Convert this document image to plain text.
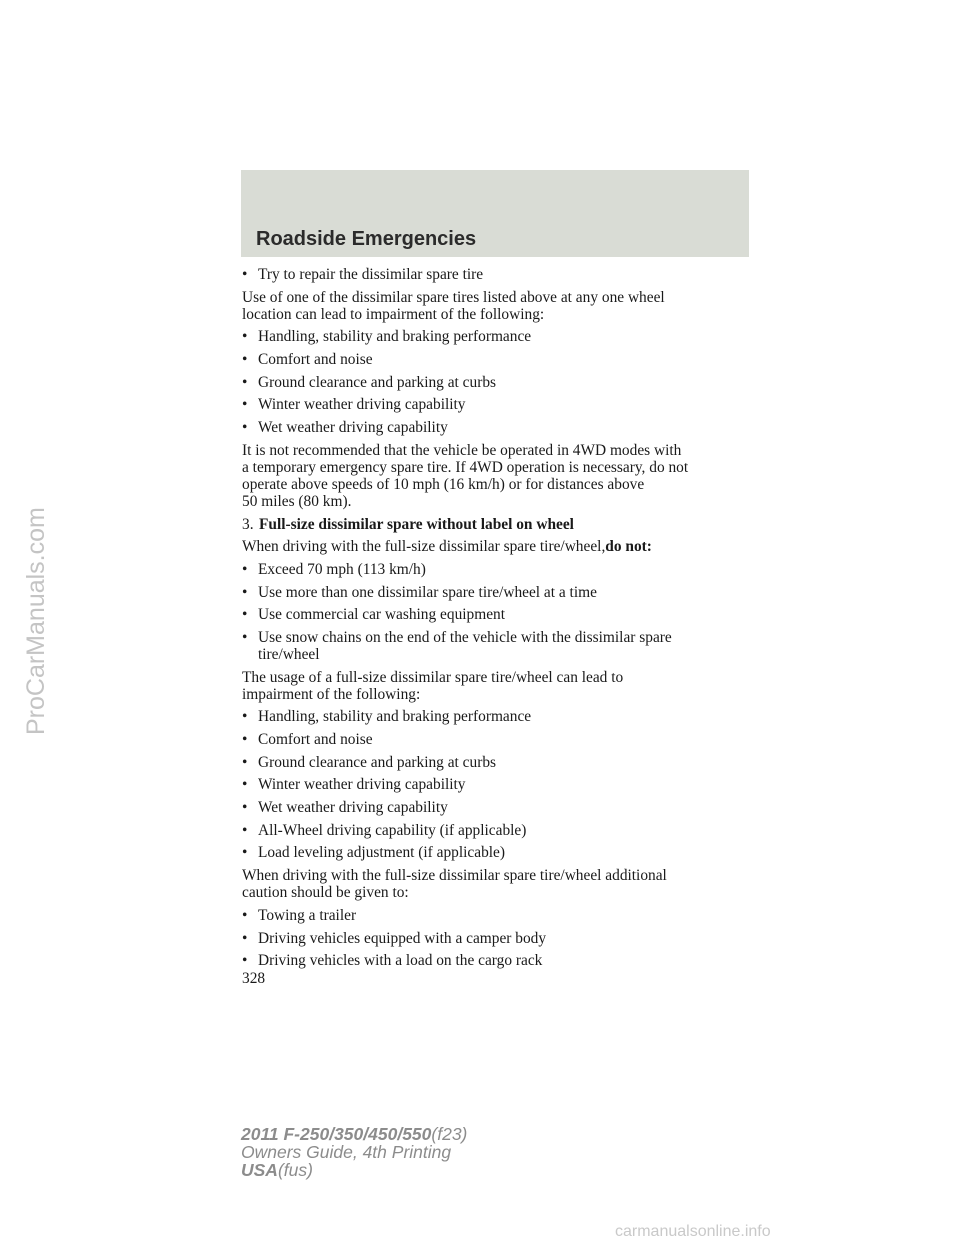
Roadside Emergencies
• Try to repair the dissimilar spare tire
Use of one of the dissimilar spare tires listed above at any one wheel
location can lead to impairment of the following:
• Handling, stability and braking performance
• Comfort and noise
• Ground clearance and parking at curbs
• Winter weather driving capability
• Wet weather driving capability
It is not recommended that the vehicle be operated in 4WD modes with
a temporary emergency spare tire. If 4WD operation is necessary, do not
operate above speeds of 10 mph (16 km/h) or for distances above
50 miles (80 km).
3. Full-size dissimilar spare without label on wheel
When driving with the full-size dissimilar spare tire/wheel,do not:
• Exceed 70 mph (113 km/h)
• Use more than one dissimilar spare tire/wheel at a time
• Use commercial car washing equipment
• Use snow chains on the end of the vehicle with the dissimilar spare
tire/wheel
The usage of a full-size dissimilar spare tire/wheel can lead to
impairment of the following:
• Handling, stability and braking performance
• Comfort and noise
• Ground clearance and parking at curbs
• Winter weather driving capability
• Wet weather driving capability
• All-Wheel driving capability (if applicable)
• Load leveling adjustment (if applicable)
When driving with the full-size dissimilar spare tire/wheel additional
caution should be given to:
• Towing a trailer
• Driving vehicles equipped with a camper body
• Driving vehicles with a load on the cargo rack
328
2011 F-250/350/450/550(f23)
Owners Guide, 4th Printing
USA(fus)
ProCarManuals.com
carmanualsonline.info
